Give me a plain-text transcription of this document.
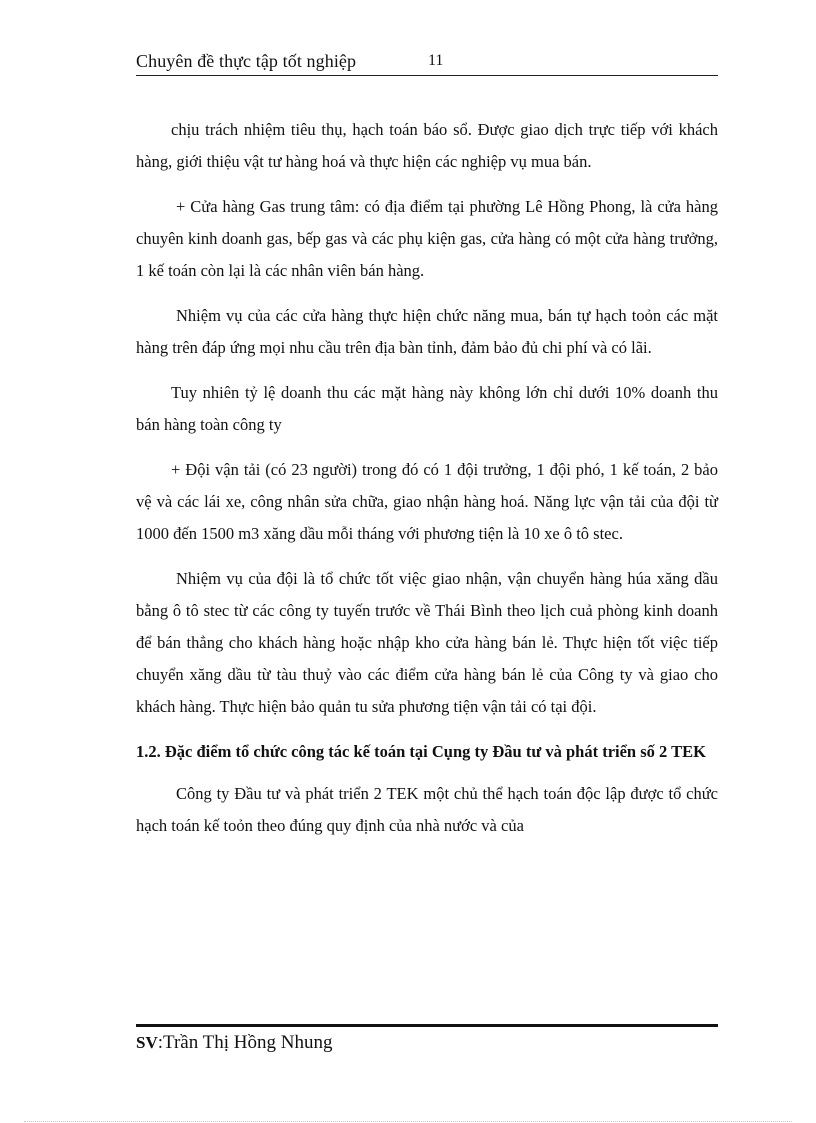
Chuyên đề thực tập tốt nghiệp	11

chịu trách nhiệm tiêu thụ, hạch toán báo sổ. Được giao dịch trực tiếp với khách hàng, giới thiệu vật tư hàng hoá và thực hiện các nghiệp vụ mua bán.

+ Cửa hàng Gas trung tâm: có địa điểm tại phường Lê Hồng Phong, là cửa hàng chuyên kinh doanh gas, bếp gas và các phụ kiện gas, cửa hàng có một cửa hàng trưởng, 1 kế toán còn lại là các nhân viên bán hàng.

Nhiệm vụ của các cửa hàng thực hiện chức năng mua, bán tự hạch toỏn các mặt hàng trên đáp ứng mọi nhu cầu trên địa bàn tỉnh, đảm bảo đủ chi phí và có lãi.

Tuy nhiên tỷ lệ doanh thu các mặt hàng này không lớn chỉ dưới 10% doanh thu bán hàng toàn công ty

+ Đội vận tải (có 23 người) trong đó có 1 đội trưởng, 1 đội phó, 1 kế toán, 2 bảo vệ và các lái xe, công nhân sửa chữa, giao nhận hàng hoá. Năng lực vận tải của đội từ 1000 đến 1500 m3 xăng dầu mỗi tháng với phương tiện là 10 xe ô tô stec.

Nhiệm vụ của đội là tổ chức tốt việc giao nhận, vận chuyển hàng húa xăng dầu bằng ô tô stec từ các công ty tuyến trước về Thái Bình theo lịch cuả phòng kinh doanh để bán thẳng cho khách hàng hoặc nhập kho cửa hàng bán lẻ. Thực hiện tốt việc tiếp chuyển xăng dầu từ tàu thuỷ vào các điểm cửa hàng bán lẻ của Công ty và giao cho khách hàng. Thực hiện bảo quản tu sửa phương tiện vận tải có tại đội.

1.2. Đặc điểm tổ chức công tác kế toán tại Cụng ty Đầu tư và phát triển số 2 TEK

Công ty Đầu tư và phát triển 2 TEK một chủ thể hạch toán độc lập được tổ chức hạch toán kế toỏn theo đúng quy định của nhà nước và của

SV:Trần Thị Hồng Nhung
